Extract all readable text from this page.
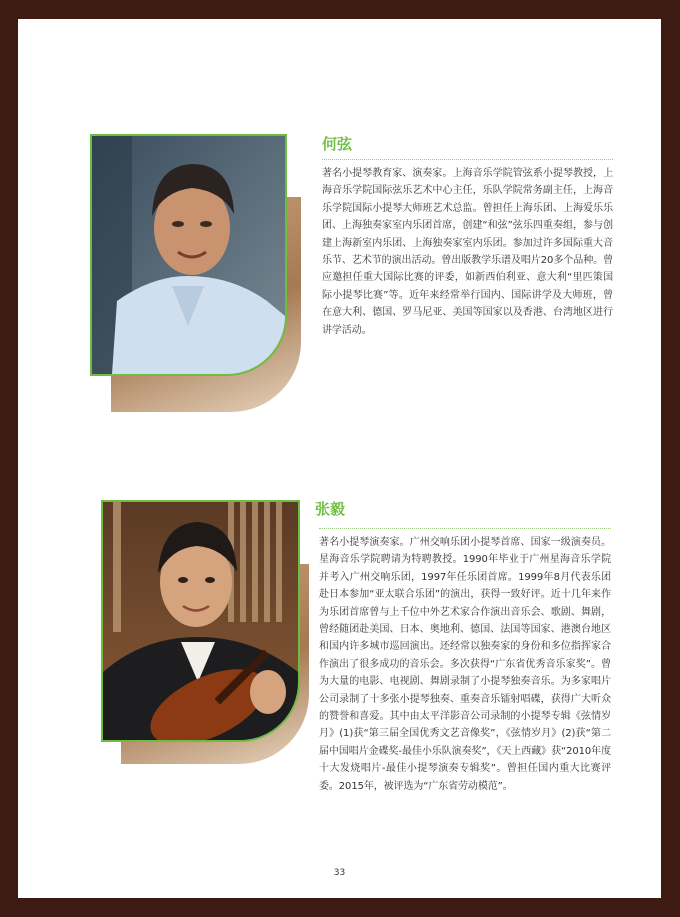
何弦

著名小提琴教育家、演奏家。上海音乐学院管弦系小提琴教授，上海音乐学院国际弦乐艺术中心主任，乐队学院常务副主任，上海音乐学院国际小提琴大师班艺术总监。曾担任上海乐团、上海爱乐乐团、上海独奏家室内乐团首席，创建“和弦”弦乐四重奏组，参与创建上海新室内乐团、上海独奏家室内乐团。参加过许多国际重大音乐节、艺术节的演出活动。曾出版教学乐谱及唱片20多个品种。曾应邀担任重大国际比赛的评委，如新西伯利亚、意大利“里匹策国际小提琴比赛”等。近年来经常举行国内、国际讲学及大师班，曾在意大利、德国、罗马尼亚、美国等国家以及香港、台湾地区进行讲学活动。

张毅

著名小提琴演奏家。广州交响乐团小提琴首席、国家一级演奏员。星海音乐学院聘请为特聘教授。1990年毕业于广州星海音乐学院并考入广州交响乐团，1997年任乐团首席。1999年8月代表乐团赴日本参加“亚太联合乐团”的演出，获得一致好评。近十几年来作为乐团首席曾与上千位中外艺术家合作演出音乐会、歌剧、舞剧，曾经随团赴美国、日本、奥地利、德国、法国等国家、港澳台地区和国内许多城市巡回演出。还经常以独奏家的身份和多位指挥家合作演出了很多成功的音乐会。多次获得“广东省优秀音乐家奖”。曾为大量的电影、电视剧、舞剧录制了小提琴独奏音乐。为多家唱片公司录制了十多张小提琴独奏、重奏音乐镭射唱碟，获得广大听众的赞誉和喜爱。其中由太平洋影音公司录制的小提琴专辑《弦情岁月》(1)获“第三届全国优秀文艺音像奖”，《弦情岁月》(2)获“第二届中国唱片金碟奖-最佳小乐队演奏奖”，《天上西藏》获“2010年度十大发烧唱片-最佳小提琴演奏专辑奖”。曾担任国内重大比赛评委。2015年，被评选为“广东省劳动模范”。

33
